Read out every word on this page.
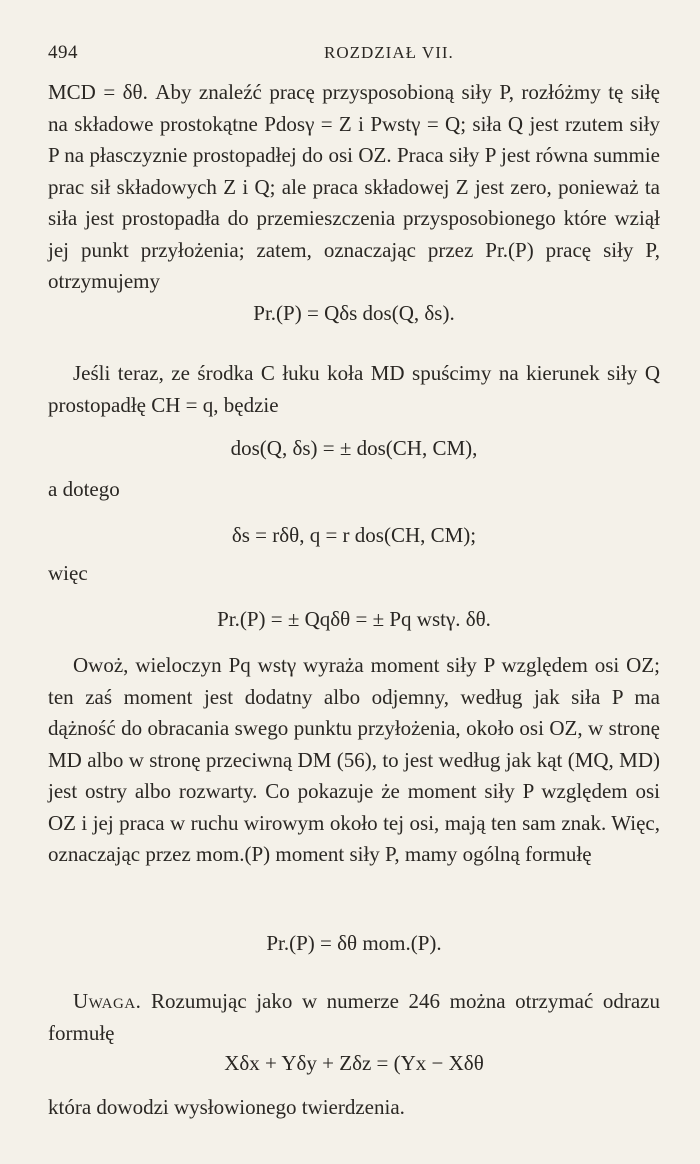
494	ROZDZIAŁ VII.
MCD = δθ. Aby znaleźć pracę przysposobioną siły P, rozłóżmy tę siłę na składowe prostokątne Pdosγ = Z i Pwstγ = Q; siła Q jest rzutem siły P na płasczyznie prostopadłej do osi OZ. Praca siły P jest równa summie prac sił składowych Z i Q; ale praca składowej Z jest zero, ponieważ ta siła jest prostopadła do przemieszczenia przysposobionego które wziął jej punkt przyłożenia; zatem, oznaczając przez Pr.(P) pracę siły P, otrzymujemy
Pr.(P) = Qδs dos(Q, δs).
Jeśli teraz, ze środka C łuku koła MD spuścimy na kierunek siły Q prostopadłę CH = q, będzie
dos(Q, δs) = ± dos(CH, CM),
a dotego
δs = rδθ, q = r dos(CH, CM);
więc
Pr.(P) = ± Qqδθ = ± Pq wstγ. δθ.
Owoż, wieloczyn Pq wstγ wyraża moment siły P względem osi OZ; ten zaś moment jest dodatny albo odjemny, według jak siła P ma dążność do obracania swego punktu przyłożenia, około osi OZ, w stronę MD albo w stronę przeciwną DM (56), to jest według jak kąt (MQ, MD) jest ostry albo rozwarty. Co pokazuje że moment siły P względem osi OZ i jej praca w ruchu wirowym około tej osi, mają ten sam znak. Więc, oznaczając przez mom.(P) moment siły P, mamy ogólną formułę
Pr.(P) = δθ mom.(P).
Uwaga. Rozumując jako w numerze 246 można otrzymać odrazu formułę
Xδx + Yδy + Zδz = (Yx − Xδθ
która dowodzi wysłowionego twierdzenia.
